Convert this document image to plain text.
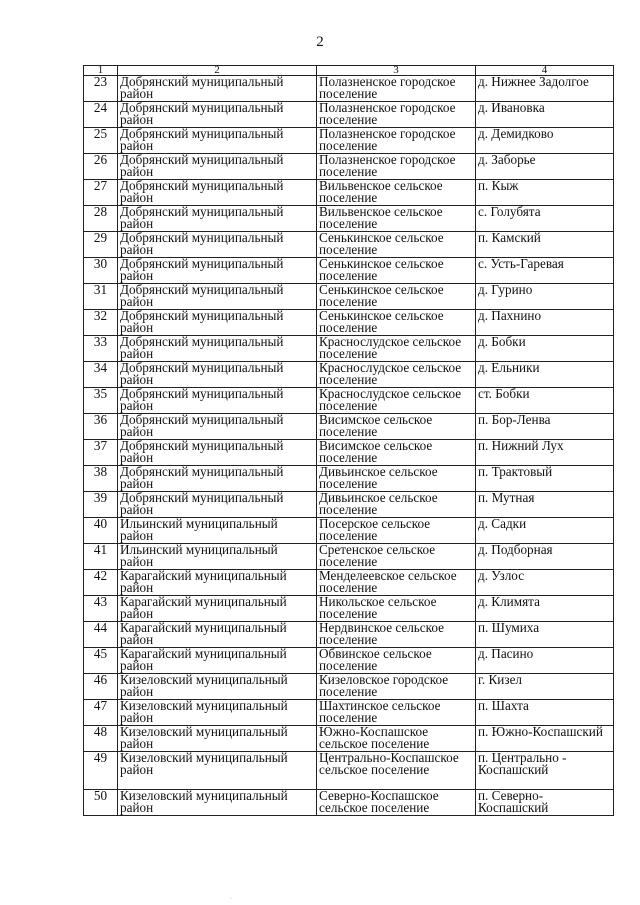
2
1	2	3	4
23	Добрянский муниципальный район	Полазненское городское поселение	д. Нижнее Задолгое
24	Добрянский муниципальный район	Полазненское городское поселение	д. Ивановка
25	Добрянский муниципальный район	Полазненское городское поселение	д. Демидково
26	Добрянский муниципальный район	Полазненское городское поселение	д. Заборье
27	Добрянский муниципальный район	Вильвенское сельское поселение	п. Кыж
28	Добрянский муниципальный район	Вильвенское сельское поселение	с. Голубята
29	Добрянский муниципальный район	Сенькинское сельское поселение	п. Камский
30	Добрянский муниципальный район	Сенькинское сельское поселение	с. Усть-Гаревая
31	Добрянский муниципальный район	Сенькинское сельское поселение	д. Гурино
32	Добрянский муниципальный район	Сенькинское сельское поселение	д. Пахнино
33	Добрянский муниципальный район	Краснослудское сельское поселение	д. Бобки
34	Добрянский муниципальный район	Краснослудское сельское поселение	д. Ельники
35	Добрянский муниципальный район	Краснослудское сельское поселение	ст. Бобки
36	Добрянский муниципальный район	Висимское сельское поселение	п. Бор-Ленва
37	Добрянский муниципальный район	Висимское сельское поселение	п. Нижний Лух
38	Добрянский муниципальный район	Дивьинское сельское поселение	п. Трактовый
39	Добрянский муниципальный район	Дивьинское сельское поселение	п. Мутная
40	Ильинский муниципальный район	Посерское сельское поселение	д. Садки
41	Ильинский муниципальный район	Сретенское сельское поселение	д. Подборная
42	Карагайский муниципальный район	Менделеевское сельское поселение	д. Узлос
43	Карагайский муниципальный район	Никольское сельское поселение	д. Климята
44	Карагайский муниципальный район	Нердвинское сельское поселение	п. Шумиха
45	Карагайский муниципальный район	Обвинское сельское поселение	д. Пасино
46	Кизеловский муниципальный район	Кизеловское городское поселение	г. Кизел
47	Кизеловский муниципальный район	Шахтинское сельское поселение	п. Шахта
48	Кизеловский муниципальный район	Южно-Коспашское сельское поселение	п. Южно-Коспашский
49	Кизеловский муниципальный район	Центрально-Коспашское сельское поселение	п. Центрально - Коспашский
50	Кизеловский муниципальный район	Северно-Коспашское сельское поселение	п. Северно-Коспашский
·
